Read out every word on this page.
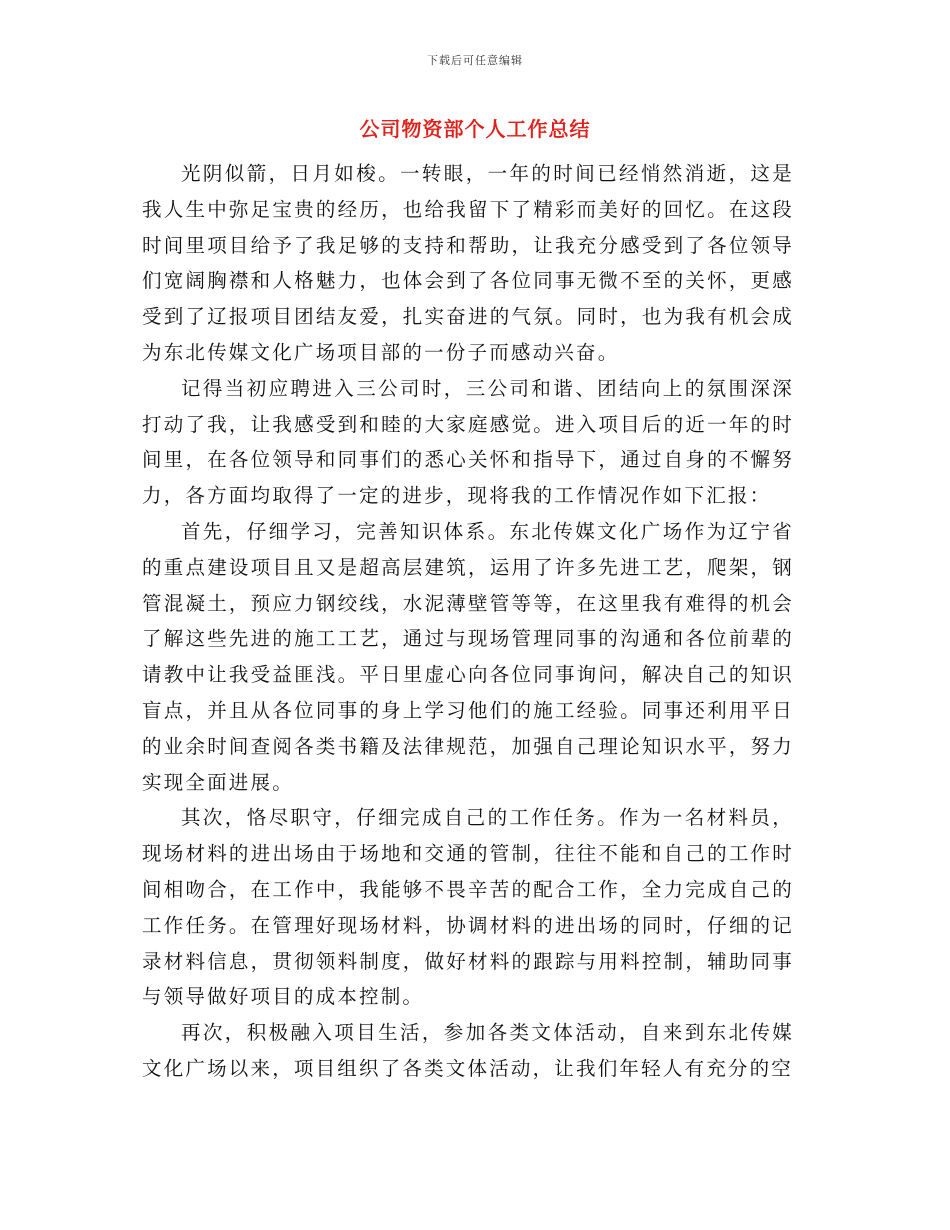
下载后可任意编辑
公司物资部个人工作总结

光阴似箭，日月如梭。一转眼，一年的时间已经悄然消逝，这是我人生中弥足宝贵的经历，也给我留下了精彩而美好的回忆。在这段时间里项目给予了我足够的支持和帮助，让我充分感受到了各位领导们宽阔胸襟和人格魅力，也体会到了各位同事无微不至的关怀，更感受到了辽报项目团结友爱，扎实奋进的气氛。同时，也为我有机会成为东北传媒文化广场项目部的一份子而感动兴奋。

记得当初应聘进入三公司时，三公司和谐、团结向上的氛围深深打动了我，让我感受到和睦的大家庭感觉。进入项目后的近一年的时间里，在各位领导和同事们的悉心关怀和指导下，通过自身的不懈努力，各方面均取得了一定的进步，现将我的工作情况作如下汇报：

首先，仔细学习，完善知识体系。东北传媒文化广场作为辽宁省的重点建设项目且又是超高层建筑，运用了许多先进工艺，爬架，钢管混凝土，预应力钢绞线，水泥薄壁管等等，在这里我有难得的机会了解这些先进的施工工艺，通过与现场管理同事的沟通和各位前辈的请教中让我受益匪浅。平日里虚心向各位同事询问，解决自己的知识盲点，并且从各位同事的身上学习他们的施工经验。同事还利用平日的业余时间查阅各类书籍及法律规范，加强自己理论知识水平，努力实现全面进展。

其次，恪尽职守，仔细完成自己的工作任务。作为一名材料员，现场材料的进出场由于场地和交通的管制，往往不能和自己的工作时间相吻合，在工作中，我能够不畏辛苦的配合工作，全力完成自己的工作任务。在管理好现场材料，协调材料的进出场的同时，仔细的记录材料信息，贯彻领料制度，做好材料的跟踪与用料控制，辅助同事与领导做好项目的成本控制。

再次，积极融入项目生活，参加各类文体活动，自来到东北传媒文化广场以来，项目组织了各类文体活动，让我们年轻人有充分的空
